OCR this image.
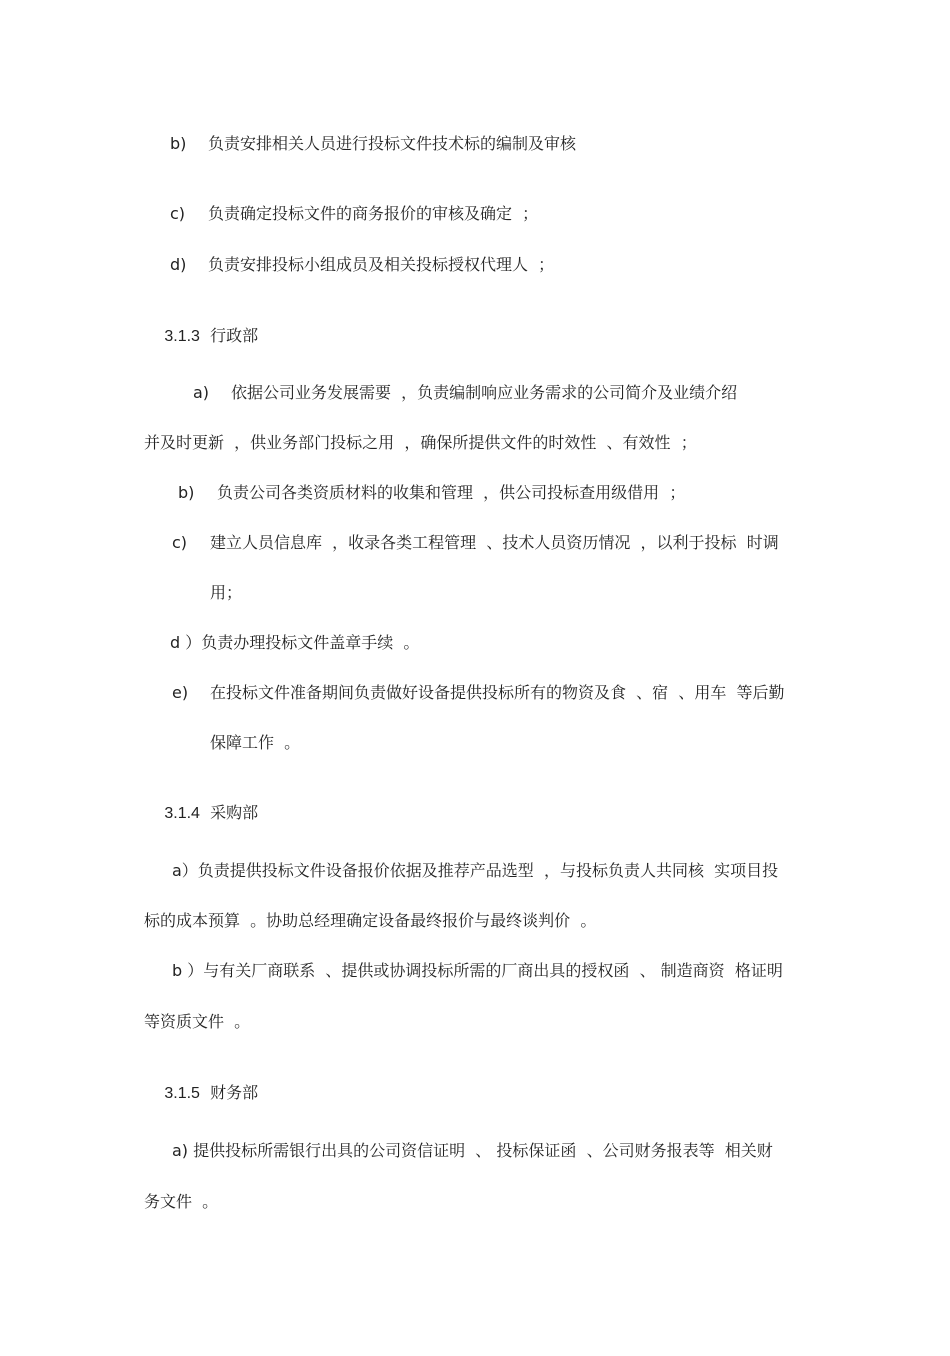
b) 负责安排相关人员进行投标文件技术标的编制及审核
c) 负责确定投标文件的商务报价的审核及确定  ；
d) 负责安排投标小组成员及相关投标授权代理人  ；

3.1.3 行政部

a) 依据公司业务发展需要  ，负责编制响应业务需求的公司简介及业绩介绍
并及时更新  ，供业务部门投标之用  ，确保所提供文件的时效性  、有效性  ；
b) 负责公司各类资质材料的收集和管理  ，供公司投标查用级借用  ；
c) 建立人员信息库  ，收录各类工程管理  、技术人员资历情况  ，以利于投标  时调
用；
d ）负责办理投标文件盖章手续  。
e) 在投标文件准备期间负责做好设备提供投标所有的物资及食  、宿  、用车  等后勤
保障工作  。

3.1.4 采购部

a）负责提供投标文件设备报价依据及推荐产品选型  ，与投标负责人共同核  实项目投
标的成本预算  。协助总经理确定设备最终报价与最终谈判价  。
b ）与有关厂商联系  、提供或协调投标所需的厂商出具的授权函  、 制造商资  格证明
等资质文件  。

3.1.5 财务部

a) 提供投标所需银行出具的公司资信证明  、 投标保证函  、公司财务报表等  相关财
务文件  。
